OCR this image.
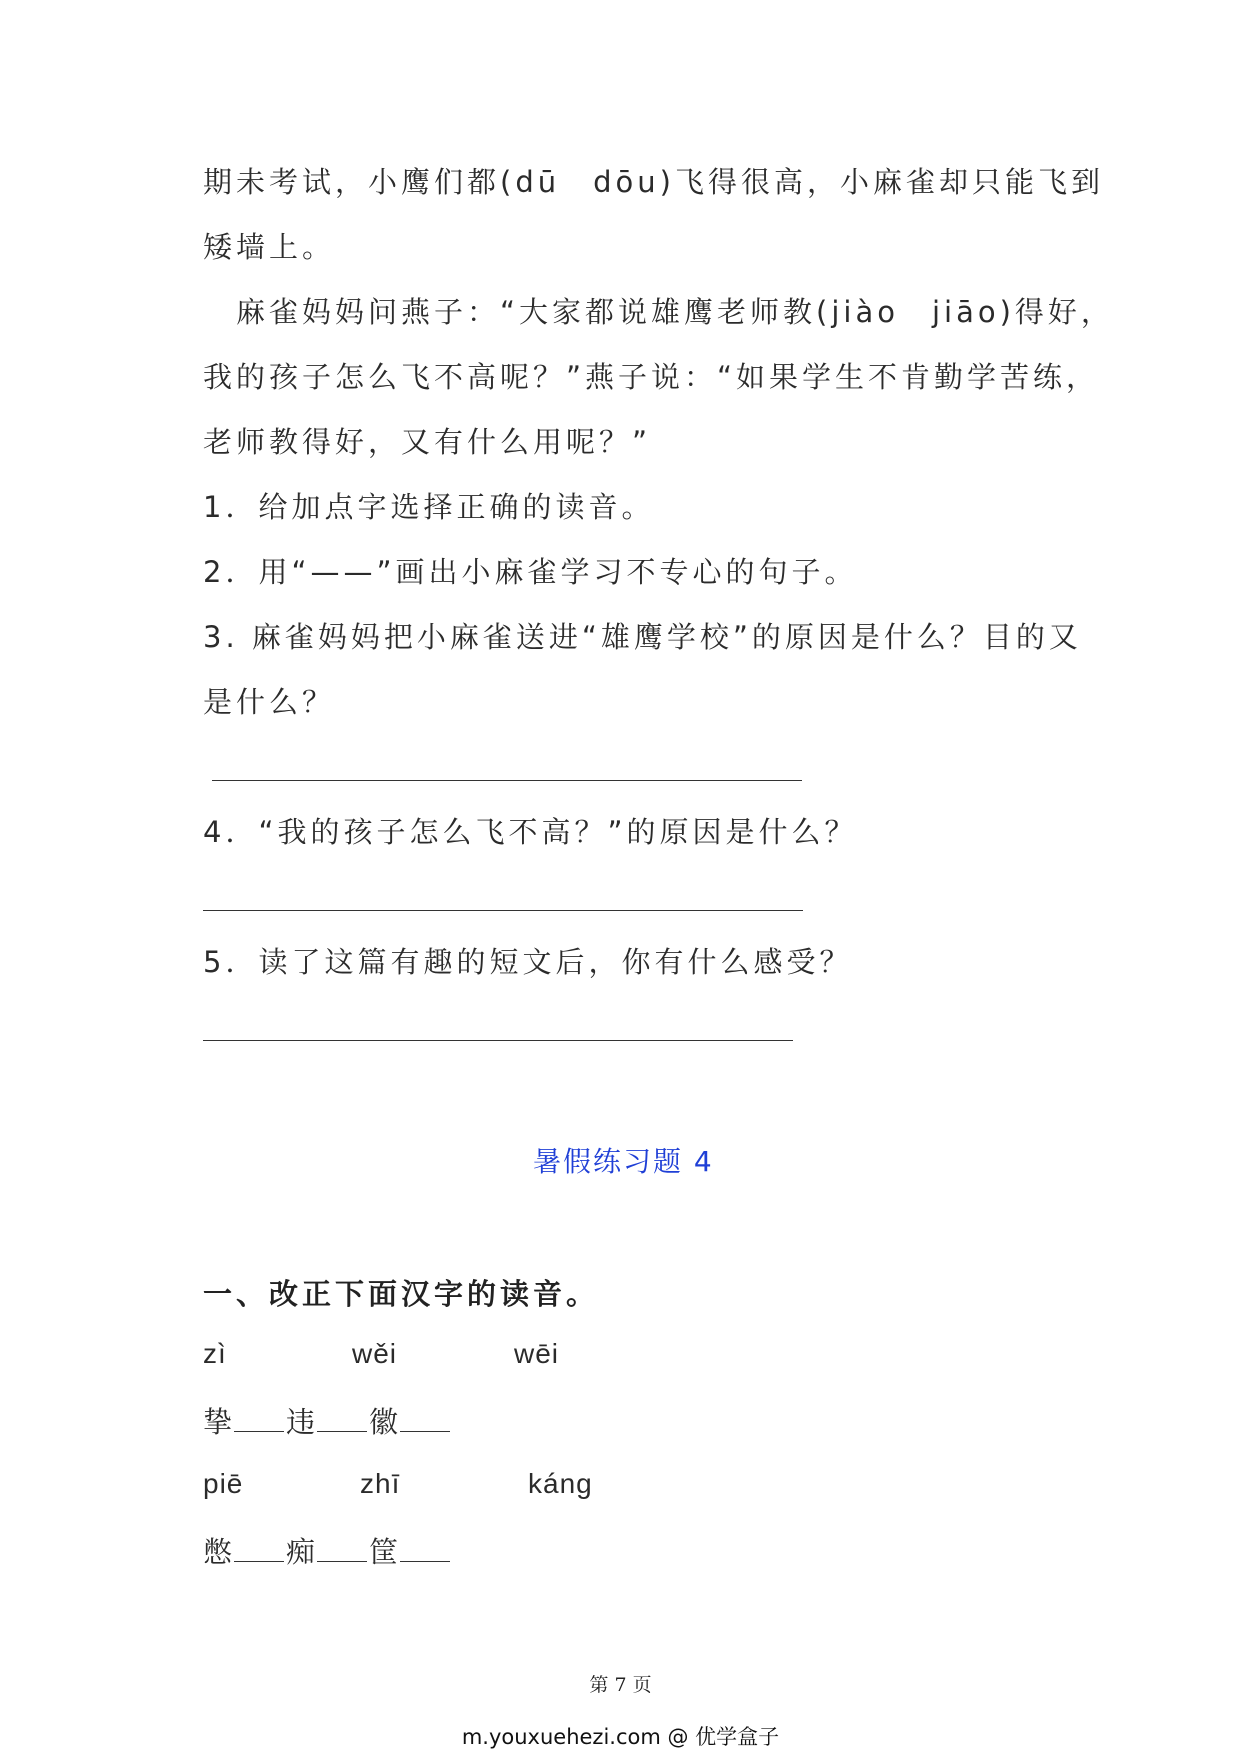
期未考试，小鹰们都(dū　dōu)飞得很高，小麻雀却只能飞到
矮墙上。
　麻雀妈妈问燕子：“大家都说雄鹰老师教(jiào　jiāo)得好，
我的孩子怎么飞不高呢？”燕子说：“如果学生不肯勤学苦练，
老师教得好，又有什么用呢？”
1．给加点字选择正确的读音。
2．用“——”画出小麻雀学习不专心的句子。
3. 麻雀妈妈把小麻雀送进“雄鹰学校”的原因是什么？目的又
是什么？
4．“我的孩子怎么飞不高？”的原因是什么？
5．读了这篇有趣的短文后，你有什么感受？
暑假练习题 4
一、改正下面汉字的读音。
zì	wěi	wēi
挚 违 徽
piē	zhī	káng
憋 痴 筐
第 7 页
m.youxuehezi.com @ 优学盒子
